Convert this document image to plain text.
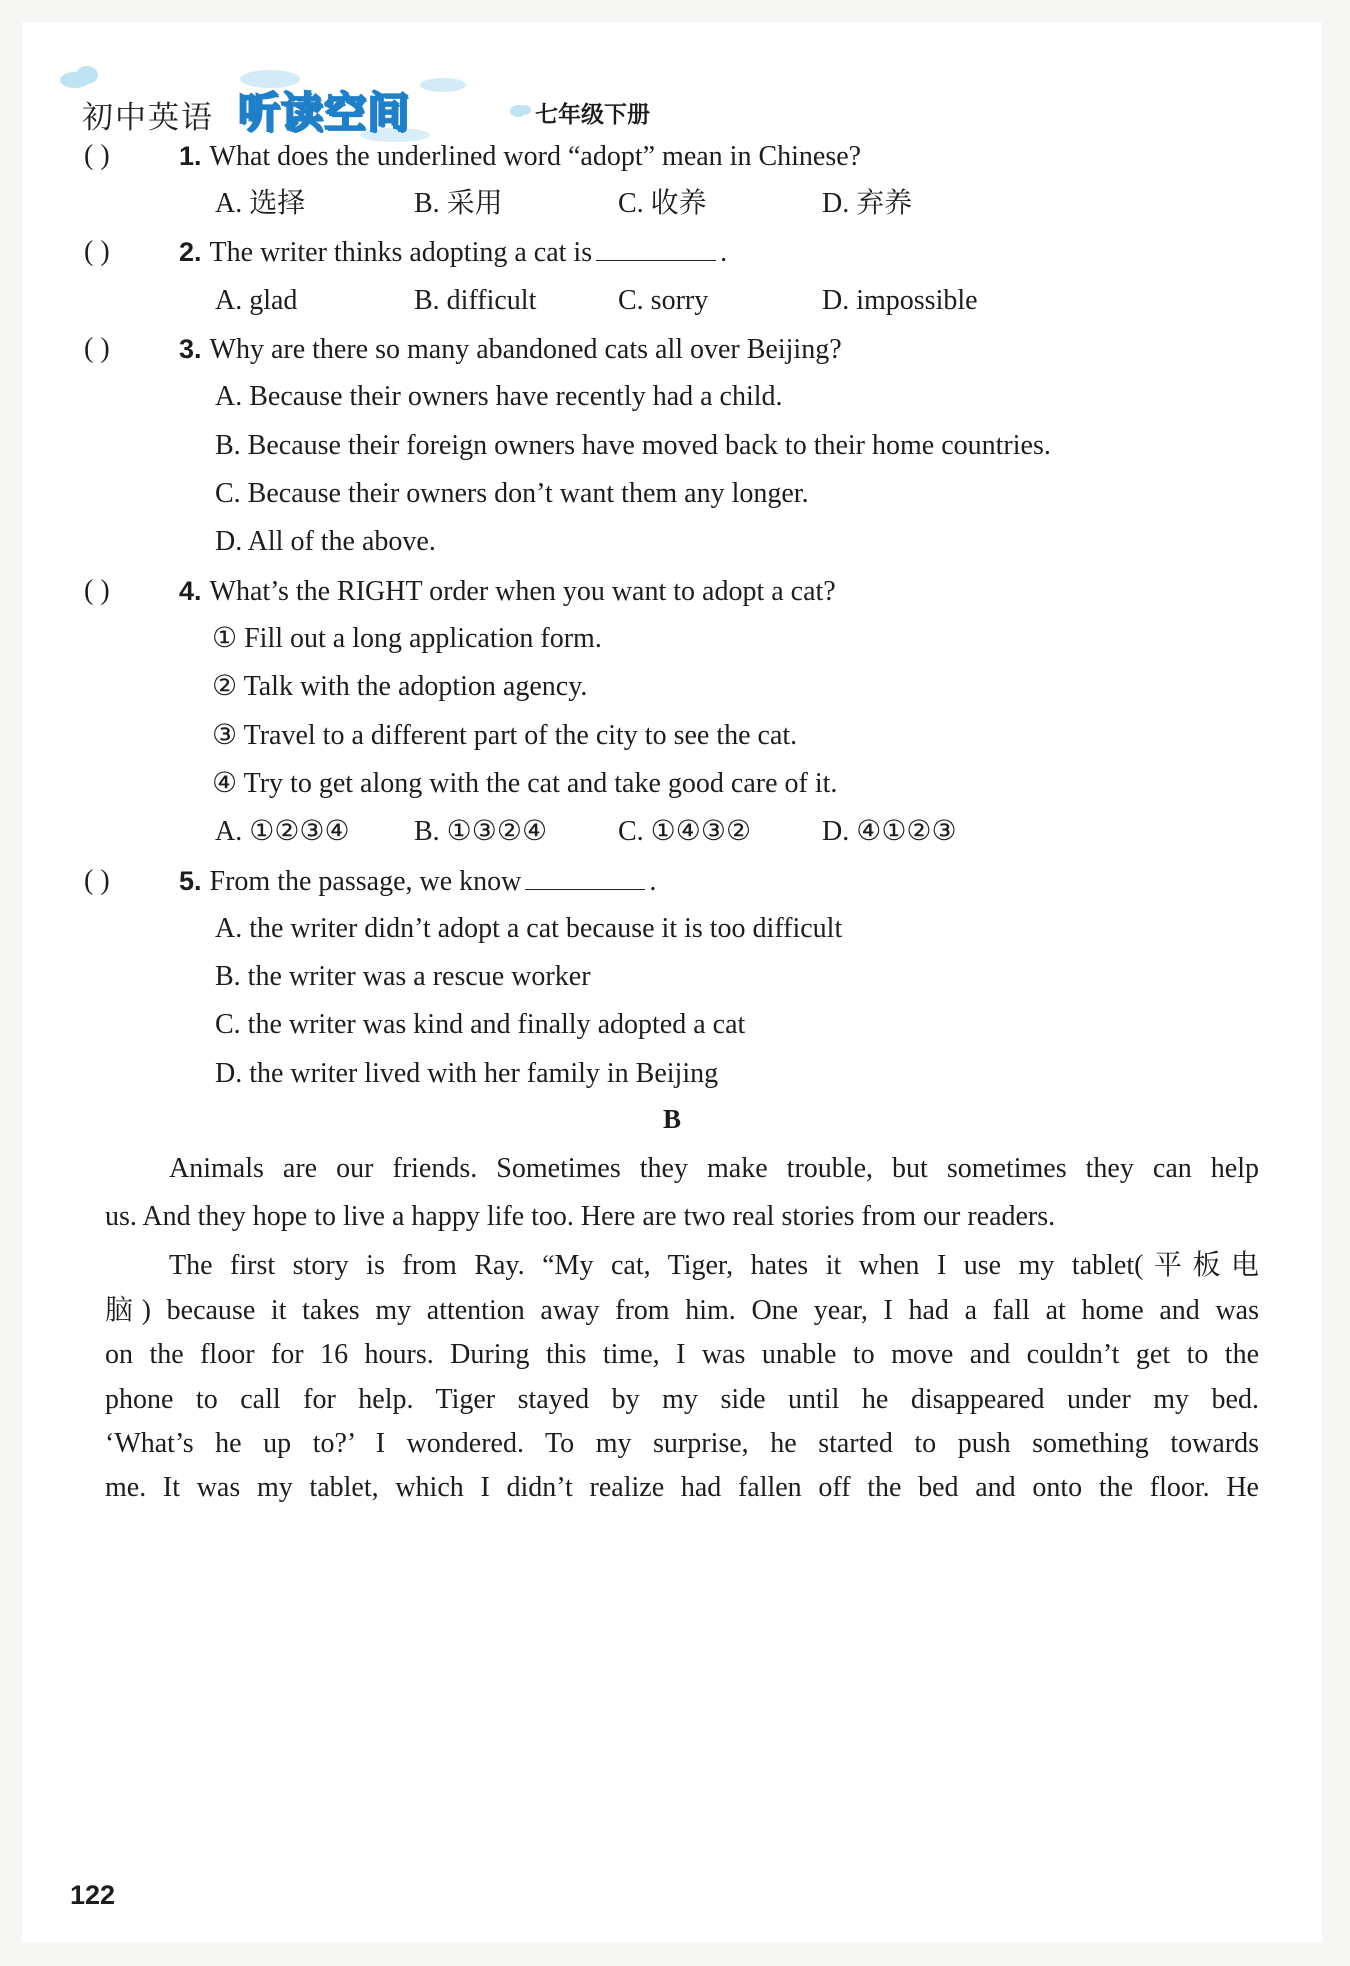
初中英语 听读空间	七年级下册
( )	1. What does the underlined word “adopt” mean in Chinese?
A. 选择	B. 采用	C. 收养	D. 弃养
( )	2. The writer thinks adopting a cat is	.
A. glad	B. difficult	C. sorry	D. impossible
( )	3. Why are there so many abandoned cats all over Beijing?
A. Because their owners have recently had a child.
B. Because their foreign owners have moved back to their home countries.
C. Because their owners don’t want them any longer.
D. All of the above.
( )	4. What’s the RIGHT order when you want to adopt a cat?
① Fill out a long application form.
② Talk with the adoption agency.
③ Travel to a different part of the city to see the cat.
④ Try to get along with the cat and take good care of it.
A. ①②③④ B. ①③②④	C. ①④③②	D. ④①②③
( )	5. From the passage, we know	.
A. the writer didn’t adopt a cat because it is too difficult
B. the writer was a rescue worker
C. the writer was kind and finally adopted a cat
D. the writer lived with her family in Beijing
B
Animals are our friends. Sometimes they make trouble, but sometimes they can help
us. And they hope to live a happy life too. Here are two real stories from our readers.
The first story is from Ray. “My cat, Tiger, hates it when I use my tablet(平板电
脑) because it takes my attention away from him. One year, I had a fall at home and was
on the floor for 16 hours. During this time, I was unable to move and couldn’t get to the
phone to call for help. Tiger stayed by my side until he disappeared under my bed.
‘What’s he up to?’ I wondered. To my surprise, he started to push something towards
me. It was my tablet, which I didn’t realize had fallen off the bed and onto the floor. He
122
